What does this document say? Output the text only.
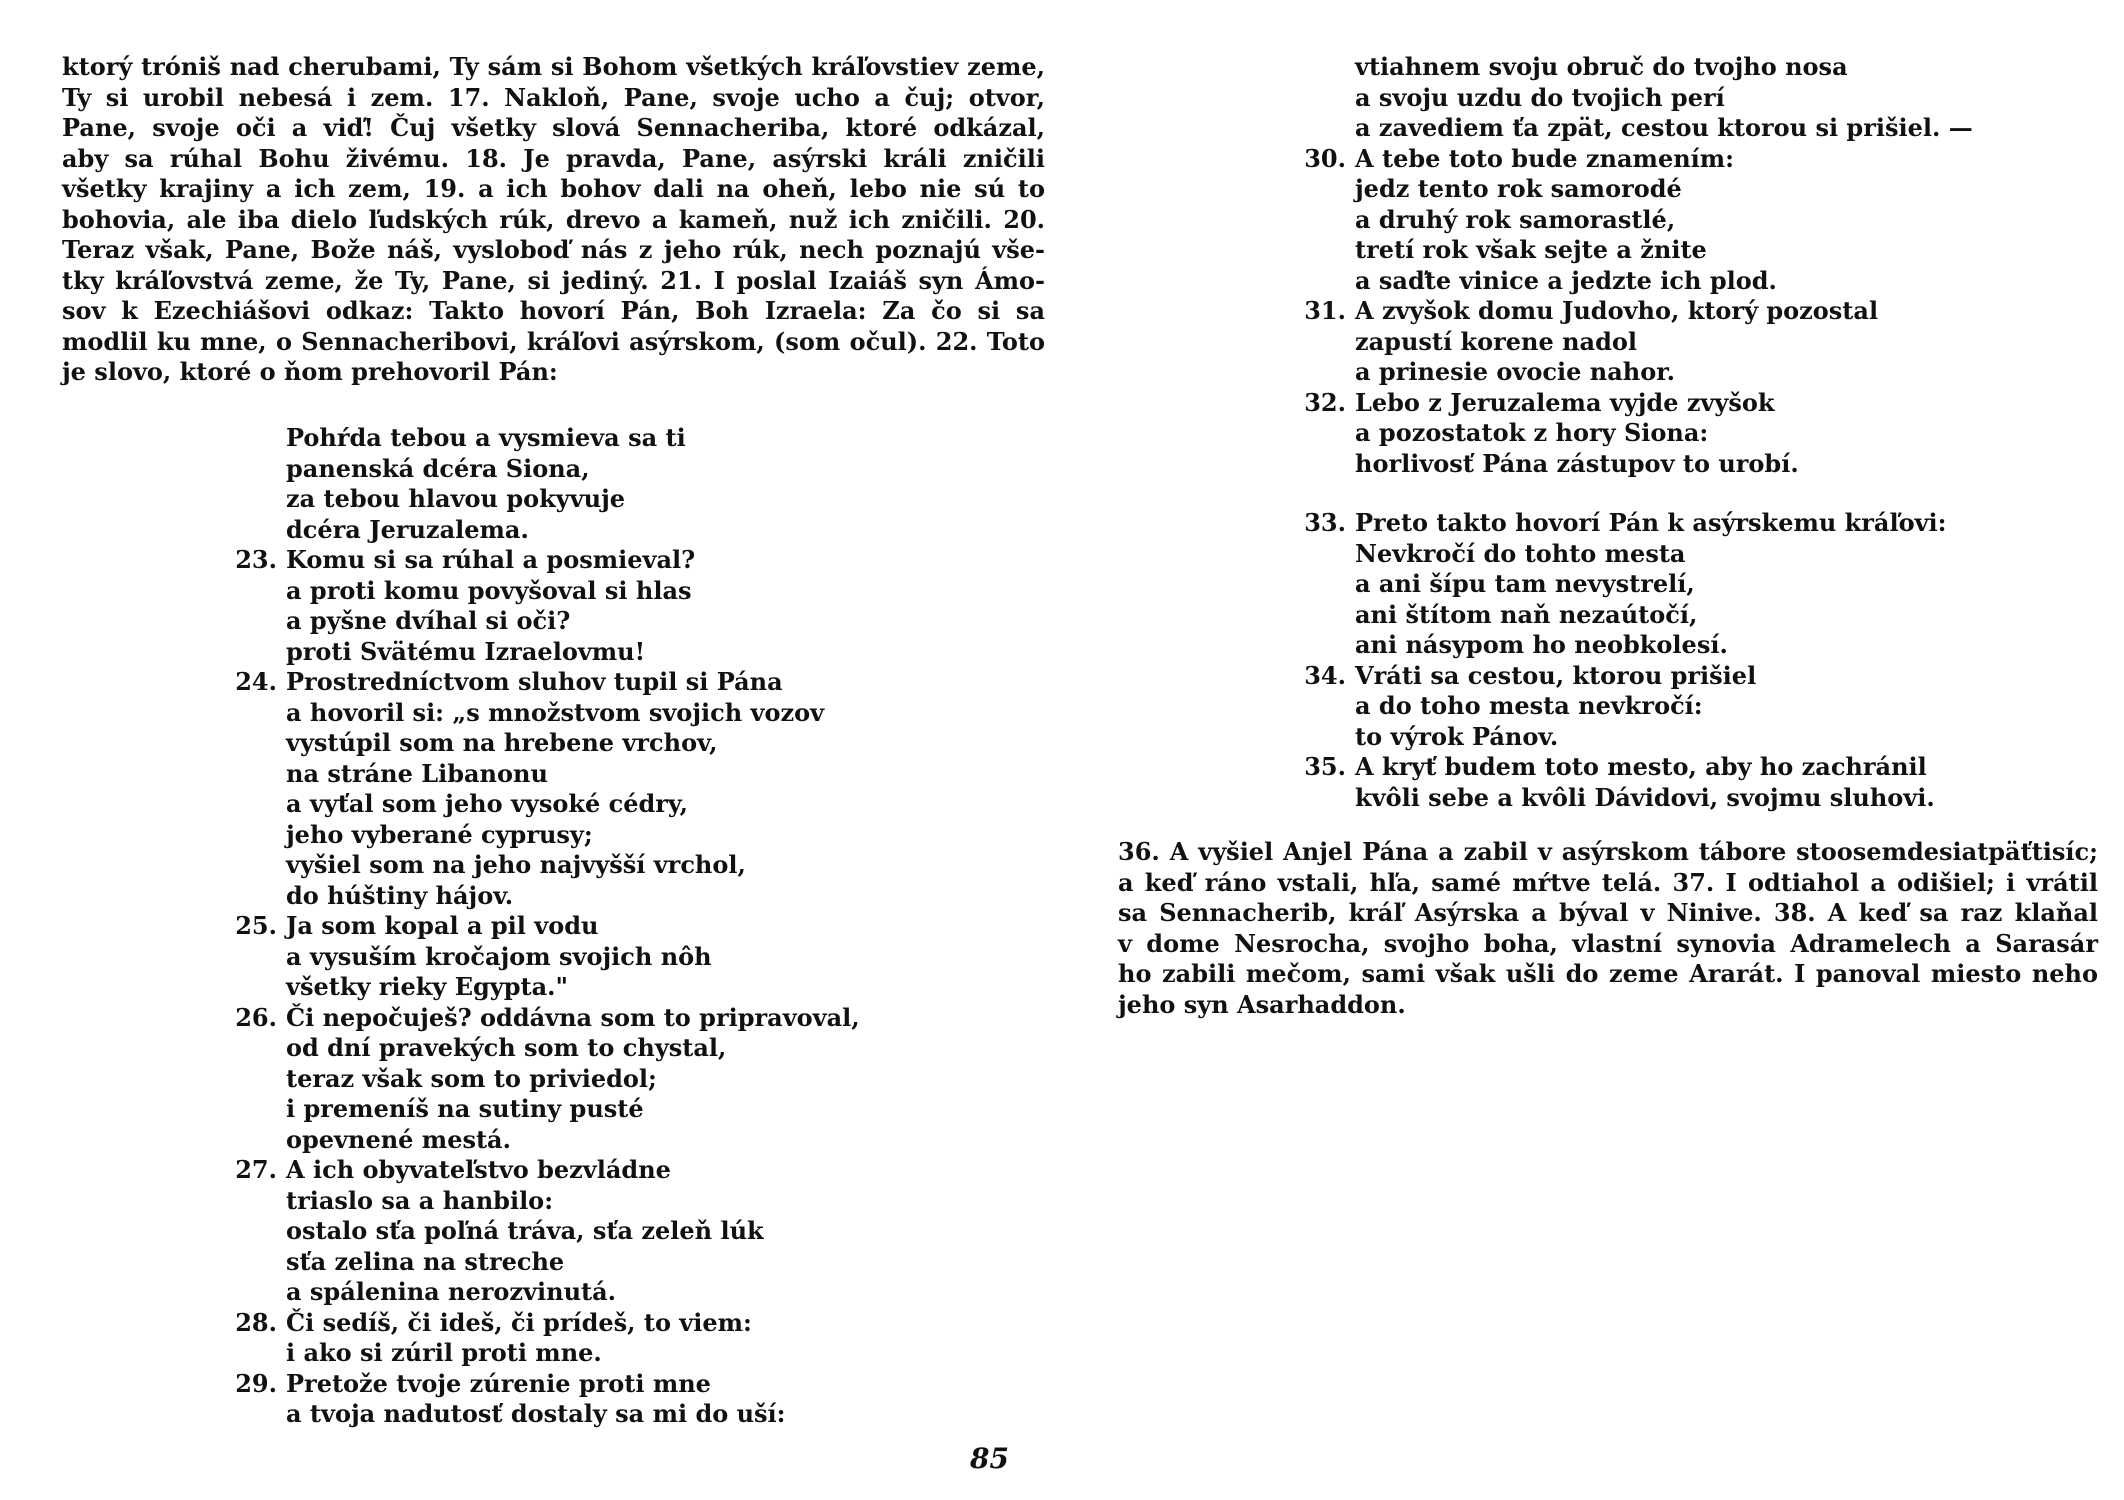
ktorý tróniš nad cherubami, Ty sám si Bohom všetkých kráľovstiev zeme,
Ty si urobil nebesá i zem. 17. Nakloň, Pane, svoje ucho a čuj; otvor,
Pane, svoje oči a viď! Čuj všetky slová Sennacheriba, ktoré odkázal,
aby sa rúhal Bohu živému. 18. Je pravda, Pane, asýrski králi zničili
všetky krajiny a ich zem, 19. a ich bohov dali na oheň, lebo nie sú to
bohovia, ale iba dielo ľudských rúk, drevo a kameň, nuž ich zničili. 20.
Teraz však, Pane, Bože náš, vysloboď nás z jeho rúk, nech poznajú vše-
tky kráľovstvá zeme, že Ty, Pane, si jediný. 21. I poslal Izaiáš syn Ámo-
sov k Ezechiášovi odkaz: Takto hovorí Pán, Boh Izraela: Za čo si sa
modlil ku mne, o Sennacheribovi, kráľovi asýrskom, (som očul). 22. Toto
je slovo, ktoré o ňom prehovoril Pán:
Pohŕda tebou a vysmieva sa ti
panenská dcéra Siona,
za tebou hlavou pokyvuje
dcéra Jeruzalema.
23. Komu si sa rúhal a posmieval?
a proti komu povyšoval si hlas
a pyšne dvíhal si oči?
proti Svätému Izraelovmu!
24. Prostredníctvom sluhov tupil si Pána
a hovoril si: „s množstvom svojich vozov
vystúpil som na hrebene vrchov,
na stráne Libanonu
a vyťal som jeho vysoké cédry,
jeho vyberané cyprusy;
vyšiel som na jeho najvyšší vrchol,
do húštiny hájov.
25. Ja som kopal a pil vodu
a vysuším kročajom svojich nôh
všetky rieky Egypta."
26. Či nepočuješ? oddávna som to pripravoval,
od dní pravekých som to chystal,
teraz však som to priviedol;
i premeníš na sutiny pusté
opevnené mestá.
27. A ich obyvateľstvo bezvládne
triaslo sa a hanbilo:
ostalo sťa poľná tráva, sťa zeleň lúk
sťa zelina na streche
a spálenina nerozvinutá.
28. Či sedíš, či ideš, či prídeš, to viem:
i ako si zúril proti mne.
29. Pretože tvoje zúrenie proti mne
a tvoja nadutosť dostaly sa mi do uší:
vtiahnem svoju obruč do tvojho nosa
a svoju uzdu do tvojich perí
a zavediem ťa zpät, cestou ktorou si prišiel. —
30. A tebe toto bude znamením:
jedz tento rok samorodé
a druhý rok samorastlé,
tretí rok však sejte a žnite
a saďte vinice a jedzte ich plod.
31. A zvyšok domu Judovho, ktorý pozostal
zapustí korene nadol
a prinesie ovocie nahor.
32. Lebo z Jeruzalema vyjde zvyšok
a pozostatok z hory Siona:
horlivosť Pána zástupov to urobí.
33. Preto takto hovorí Pán k asýrskemu kráľovi:
Nevkročí do tohto mesta
a ani šípu tam nevystrelí,
ani štítom naň nezaútočí,
ani násypom ho neobkolesí.
34. Vráti sa cestou, ktorou prišiel
a do toho mesta nevkročí:
to výrok Pánov.
35. A kryť budem toto mesto, aby ho zachránil
kvôli sebe a kvôli Dávidovi, svojmu sluhovi.
36. A vyšiel Anjel Pána a zabil v asýrskom tábore stoosemdesiatpäťtisíc;
a keď ráno vstali, hľa, samé mŕtve telá. 37. I odtiahol a odišiel; i vrátil
sa Sennacherib, kráľ Asýrska a býval v Ninive. 38. A keď sa raz klaňal
v dome Nesrocha, svojho boha, vlastní synovia Adramelech a Sarasár
ho zabili mečom, sami však ušli do zeme Ararát. I panoval miesto neho
jeho syn Asarhaddon.
85
